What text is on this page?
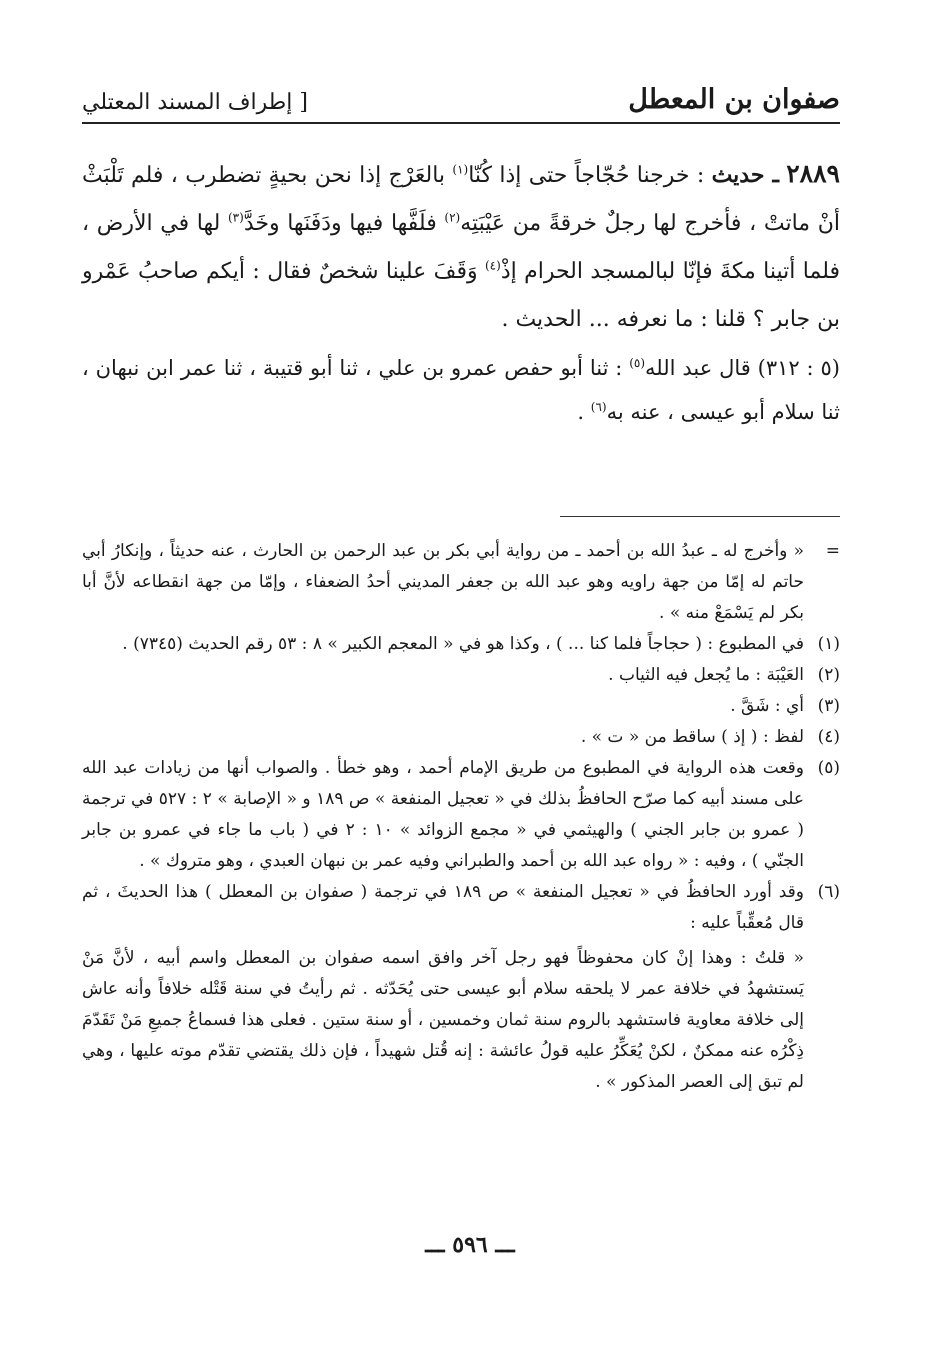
صفوان بن المعطل
[ إطراف المسند المعتلي
٢٨٨٩ ـ حديث : خرجنا حُجّاجاً حتى إذا كُنّا$^{(١)}$ بالعَرْج إذا نحن بحيةٍ تضطرب ، فلم تَلْبَثْ أنْ ماتتْ ، فأخرج لها رجلٌ خرقةً من عَيْبَتِه$^{(٢)}$ فلَفَّها فيها ودَفَنَها وخَدَّ$^{(٣)}$ لها في الأرض ، فلما أتينا مكةَ فإنّا لبالمسجد الحرام إذْ$^{(٤)}$ وَقَفَ علينا شخصٌ فقال : أيكم صاحبُ عَمْرو بن جابر ؟ قلنا : ما نعرفه ... الحديث .
(٥ : ٣١٢) قال عبد الله$^{(٥)}$ : ثنا أبو حفص عمرو بن علي ، ثنا أبو قتيبة ، ثنا عمر ابن نبهان ، ثنا سلام أبو عيسى ، عنه به$^{(٦)}$ .
=
« وأخرج له ـ عبدُ الله بن أحمد ـ من رواية أبي بكر بن عبد الرحمن بن الحارث ، عنه حديثاً ، وإنكارُ أبي حاتم له إمّا من جهة راويه وهو عبد الله بن جعفر المديني أحدُ الضعفاء ، وإمّا من جهة انقطاعه لأنَّ أبا بكر لم يَسْمَعْ منه » .
(١)
في المطبوع : ( حجاجاً فلما كنا ... ) ، وكذا هو في « المعجم الكبير » ٨ : ٥٣ رقم الحديث (٧٣٤٥) .
(٢)
العَيْبَة : ما يُجعل فيه الثياب .
(٣)
أي : شَقَّ .
(٤)
لفظ : ( إذ ) ساقط من « ت » .
(٥)
وقعت هذه الرواية في المطبوع من طريق الإمام أحمد ، وهو خطأ . والصواب أنها من زيادات عبد الله على مسند أبيه كما صرّح الحافظُ بذلك في « تعجيل المنفعة » ص ١٨٩ و « الإصابة » ٢ : ٥٢٧ في ترجمة ( عمرو بن جابر الجني ) والهيثمي في « مجمع الزوائد » ١٠ : ٢ في ( باب ما جاء في عمرو بن جابر الجنّي ) ، وفيه : « رواه عبد الله بن أحمد والطبراني وفيه عمر بن نبهان العبدي ، وهو متروك » .
(٦)
وقد أورد الحافظُ في « تعجيل المنفعة » ص ١٨٩ في ترجمة ( صفوان بن المعطل ) هذا الحديثَ ، ثم قال مُعقِّباً عليه :
« قلتُ : وهذا إنْ كان محفوظاً فهو رجل آخر وافق اسمه صفوان بن المعطل واسم أبيه ، لأنَّ مَنْ يَستشهدُ في خلافة عمر لا يلحقه سلام أبو عيسى حتى يُحَدّثه . ثم رأيتُ في سنة قَتْله خلافاً وأنه عاش إلى خلافة معاوية فاستشهد بالروم سنة ثمان وخمسين ، أو سنة ستين . فعلى هذا فسماعُ جميعِ مَنْ تَقَدّمَ ذِكْرُه عنه ممكنٌ ، لكنْ يُعَكِّرُ عليه قولُ عائشة : إنه قُتل شهيداً ، فإن ذلك يقتضي تقدّم موته عليها ، وهي لم تبق إلى العصر المذكور » .
ـــ ٥٩٦ ـــ
